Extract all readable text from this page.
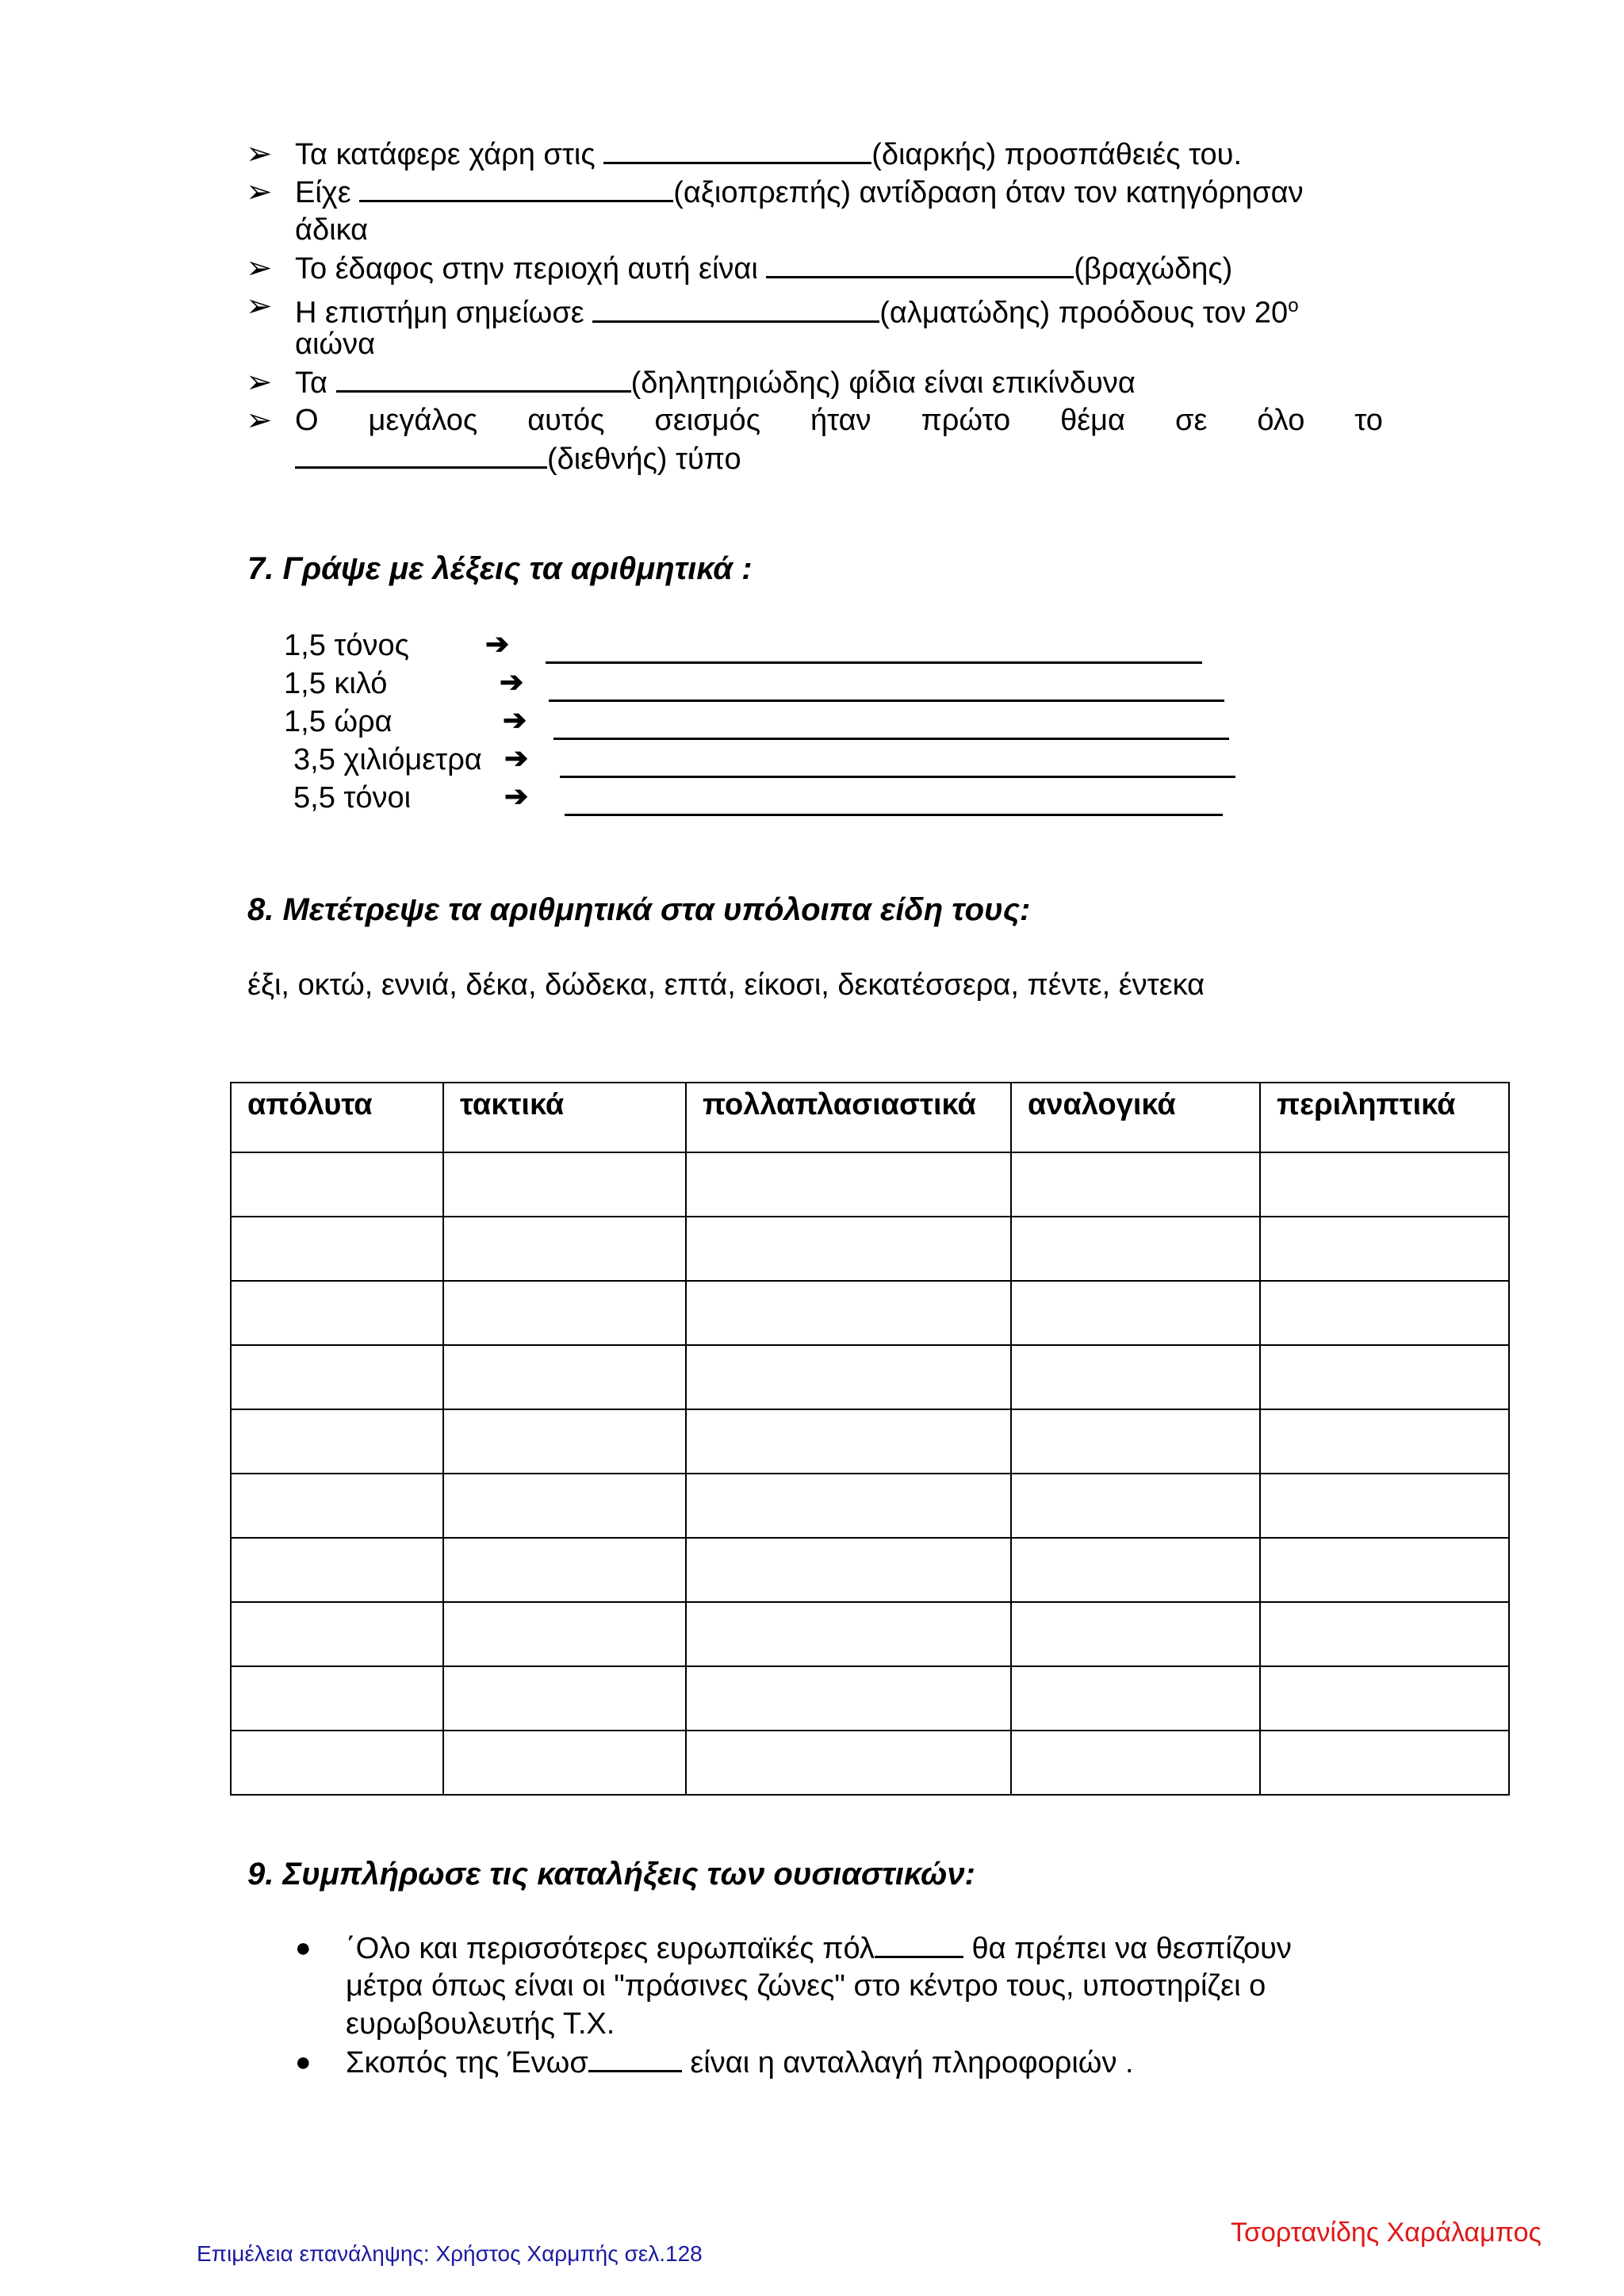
➢ Τα κατάφερε χάρη στις	(διαρκής) προσπάθειές του.
➢ Είχε	(αξιοπρεπής) αντίδραση όταν τον κατηγόρησαν
άδικα
➢ Το έδαφος στην περιοχή αυτή είναι	(βραχώδης)
➢ Η επιστήμη σημείωσε	(αλματώδης) προόδους τον $20^o$
αιώνα
➢ Τα	(δηλητηριώδης) φίδια είναι επικίνδυνα
➢ Ο μεγάλος αυτός σεισμός ήταν πρώτο θέμα σε όλο το
(διεθνής) τύπο
7. Γράψε με λέξεις τα αριθμητικά :
1,5 τόνος	➔
1,5 κιλό	➔
1,5 ώρα	➔
3,5 χιλιόμετρα ➔
5,5 τόνοι	➔
8. Μετέτρεψε τα αριθμητικά στα υπόλοιπα είδη τους:
έξι, οκτώ, εννιά, δέκα, δώδεκα, επτά, είκοσι, δεκατέσσερα, πέντε, έντεκα
απόλυτα	τακτικά	πολλαπλασιαστικά	αναλογικά	περιληπτικά

9. Συμπλήρωσε τις καταλήξεις των ουσιαστικών:
● ΄Ολο και περισσότερες ευρωπαϊκές πόλ	θα πρέπει να θεσπίζουν
μέτρα όπως είναι οι "πράσινες ζώνες" στο κέντρο τους, υποστηρίζει ο
ευρωβουλευτής Τ.Χ.
● Σκοπός της Ένωσ	είναι η ανταλλαγή πληροφοριών .
Επιμέλεια επανάληψης: Χρήστος Χαρμπής σελ.128
Τσορτανίδης Χαράλαμπος
